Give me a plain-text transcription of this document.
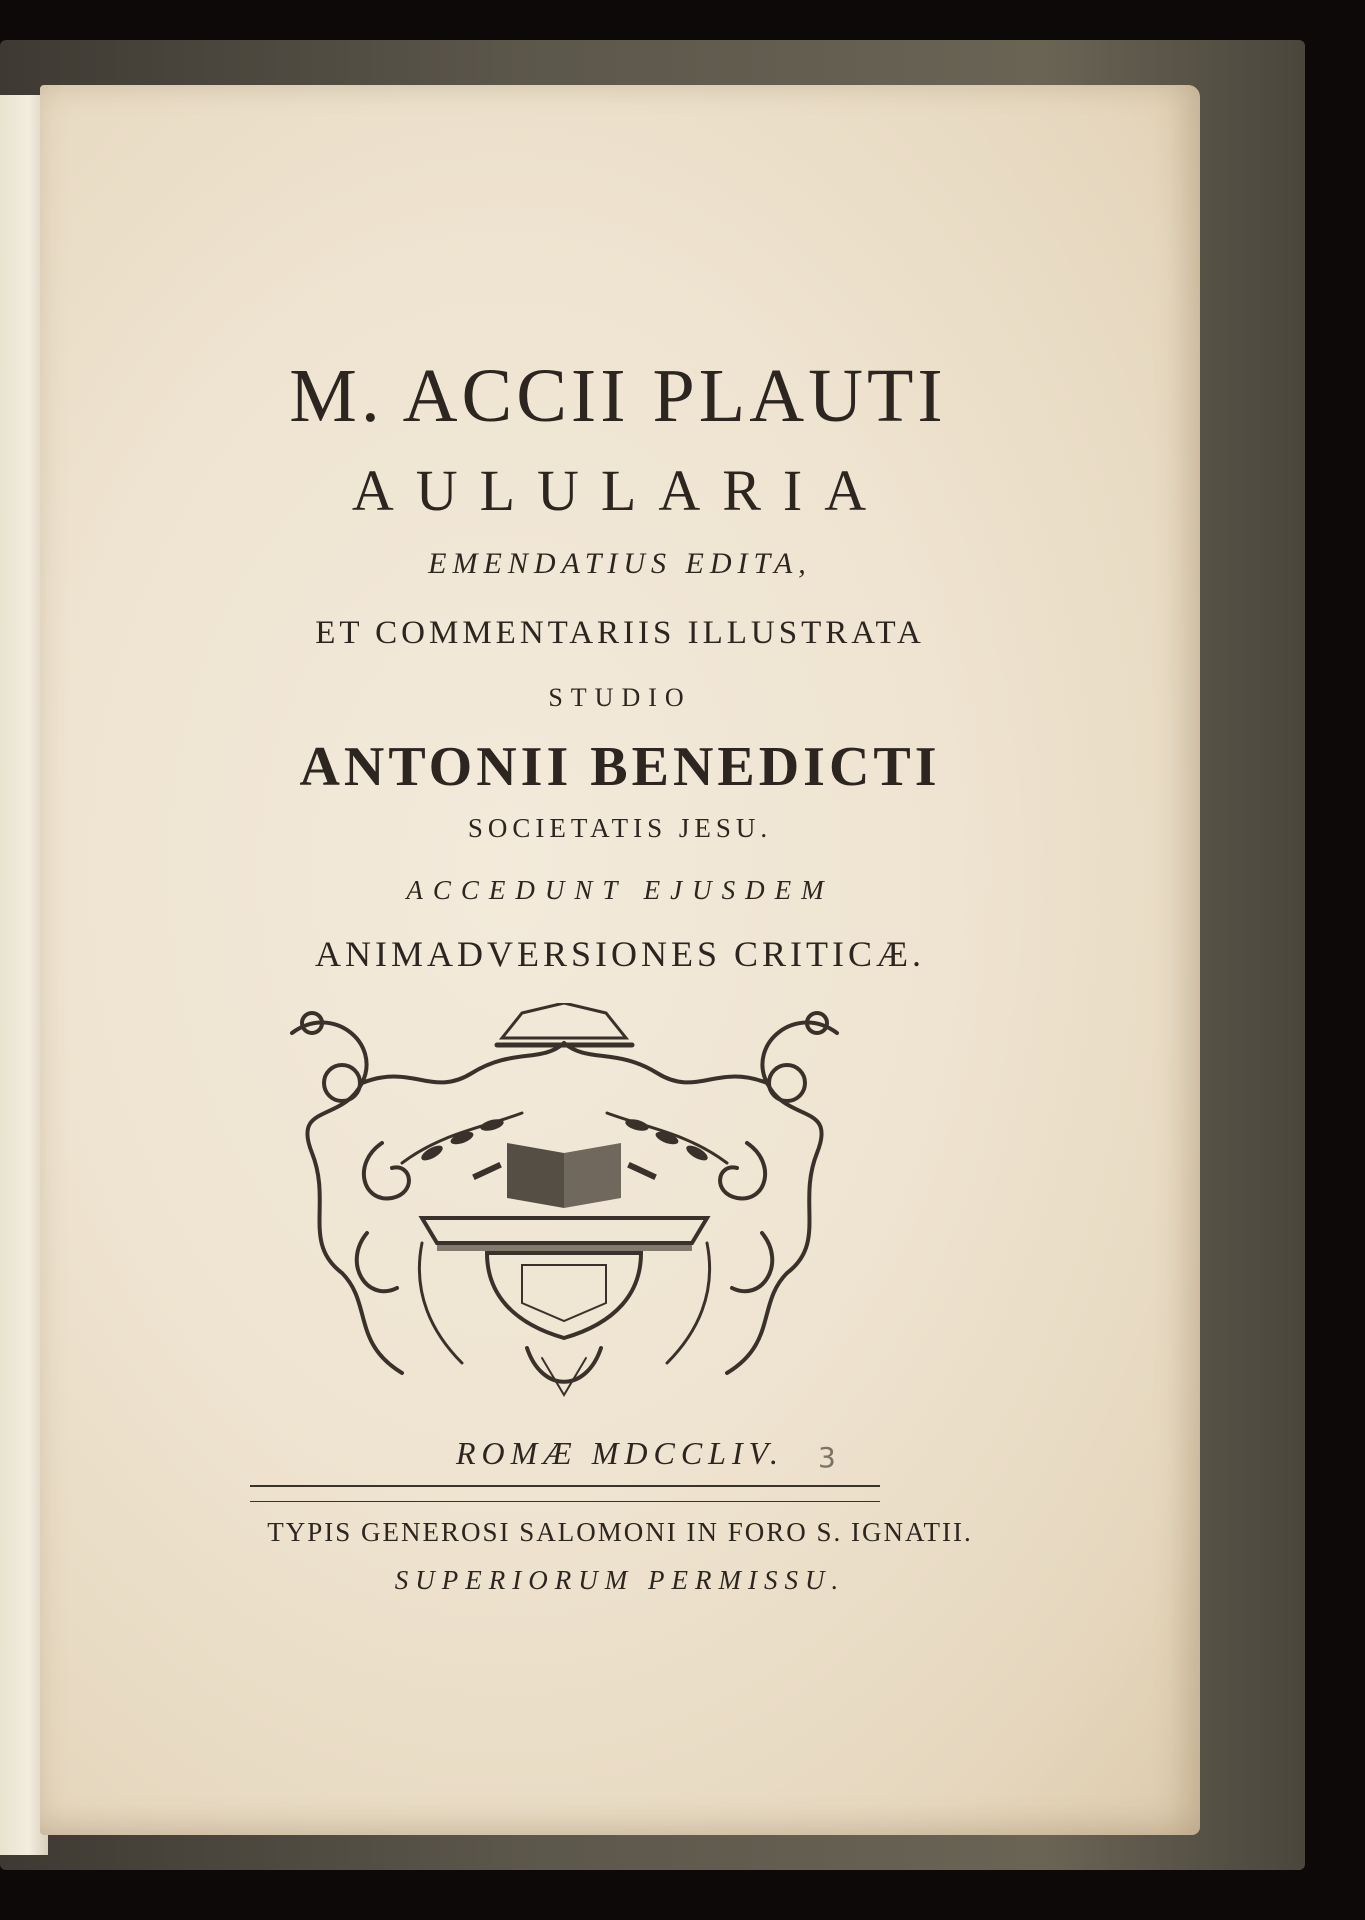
M. ACCII PLAUTI
AULULARIA
EMENDATIUS EDITA,
ET COMMENTARIIS ILLUSTRATA
STUDIO
ANTONII BENEDICTI
SOCIETATIS JESU.
ACCEDUNT EJUSDEM
ANIMADVERSIONES CRITICÆ.
ROMÆ MDCCLIV.	3
TYPIS GENEROSI SALOMONI IN FORO S. IGNATII.
SUPERIORUM PERMISSU.
